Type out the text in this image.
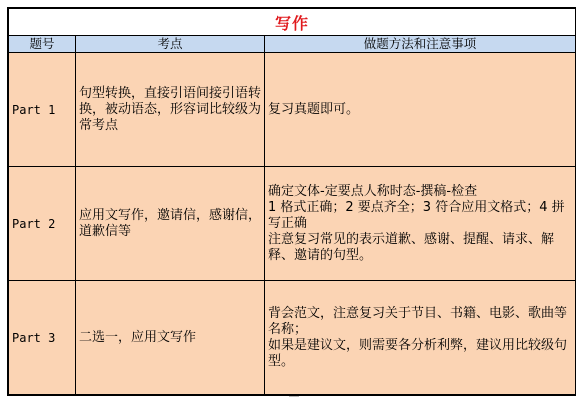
写作		
题号	考点	做题方法和注意事项
Part 1	句型转换，直接引语间接引语转换，被动语态，形容词比较级为常考点	复习真题即可。

Part 2	应用文写作，邀请信，感谢信，道歉信等	确定文体-定要点人称时态-撰稿-检查
1 格式正确；2 要点齐全；3 符合应用文格式；4 拼写正确
注意复习常见的表示道歉、感谢、提醒、请求、解释、邀请的句型。

Part 3	二选一，应用文写作	背会范文，注意复习关于节目、书籍、电影、歌曲等名称；
如果是建议文，则需要各分析利弊，建议用比较级句型。
